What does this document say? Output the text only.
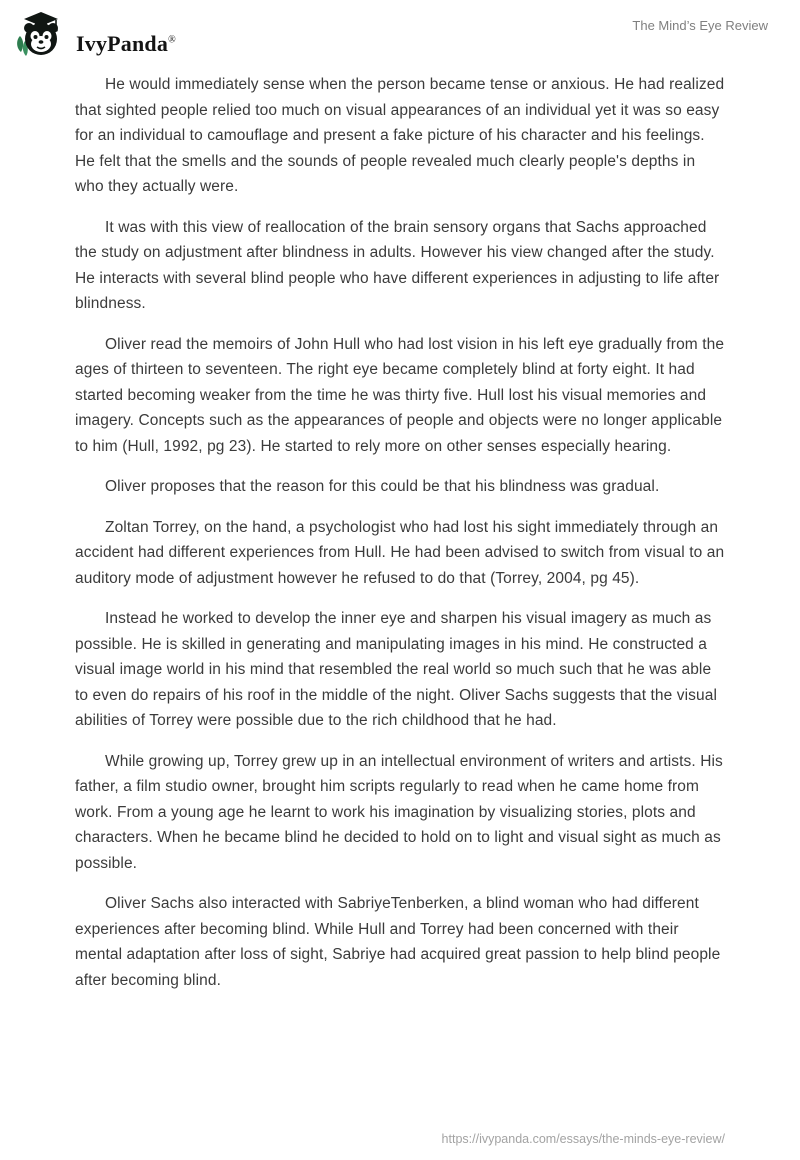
IvyPanda®
The Mind’s Eye Review

He would immediately sense when the person became tense or anxious. He had realized that sighted people relied too much on visual appearances of an individual yet it was so easy for an individual to camouflage and present a fake picture of his character and his feelings. He felt that the smells and the sounds of people revealed much clearly people's depths in who they actually were.

It was with this view of reallocation of the brain sensory organs that Sachs approached the study on adjustment after blindness in adults. However his view changed after the study. He interacts with several blind people who have different experiences in adjusting to life after blindness.

Oliver read the memoirs of John Hull who had lost vision in his left eye gradually from the ages of thirteen to seventeen. The right eye became completely blind at forty eight. It had started becoming weaker from the time he was thirty five. Hull lost his visual memories and imagery. Concepts such as the appearances of people and objects were no longer applicable to him (Hull, 1992, pg 23). He started to rely more on other senses especially hearing.

Oliver proposes that the reason for this could be that his blindness was gradual.

Zoltan Torrey, on the hand, a psychologist who had lost his sight immediately through an accident had different experiences from Hull. He had been advised to switch from visual to an auditory mode of adjustment however he refused to do that (Torrey, 2004, pg 45).

Instead he worked to develop the inner eye and sharpen his visual imagery as much as possible. He is skilled in generating and manipulating images in his mind. He constructed a visual image world in his mind that resembled the real world so much such that he was able to even do repairs of his roof in the middle of the night. Oliver Sachs suggests that the visual abilities of Torrey were possible due to the rich childhood that he had.

While growing up, Torrey grew up in an intellectual environment of writers and artists. His father, a film studio owner, brought him scripts regularly to read when he came home from work. From a young age he learnt to work his imagination by visualizing stories, plots and characters. When he became blind he decided to hold on to light and visual sight as much as possible.

Oliver Sachs also interacted with SabriyeTenberken, a blind woman who had different experiences after becoming blind. While Hull and Torrey had been concerned with their mental adaptation after loss of sight, Sabriye had acquired great passion to help blind people after becoming blind.

https://ivypanda.com/essays/the-minds-eye-review/
